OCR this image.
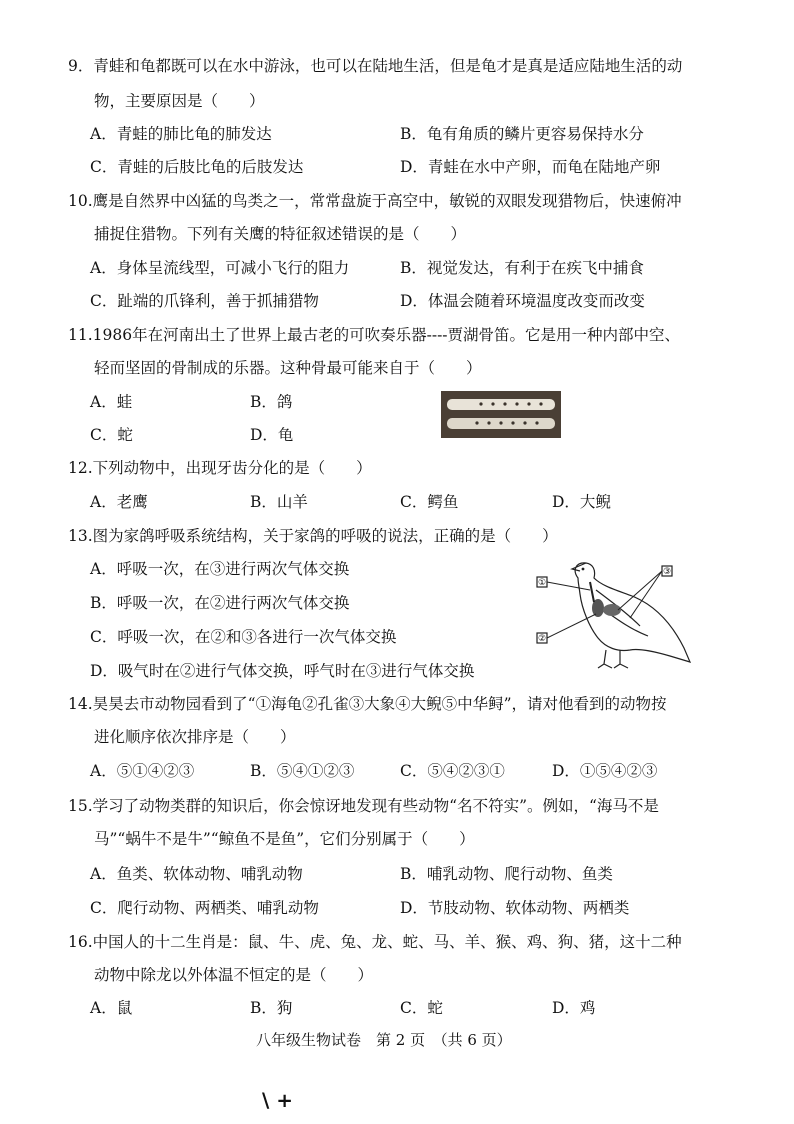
9．青蛙和龟都既可以在水中游泳，也可以在陆地生活，但是龟才是真是适应陆地生活的动
物，主要原因是（　　）
A．青蛙的肺比龟的肺发达	B．龟有角质的鳞片更容易保持水分
C．青蛙的后肢比龟的后肢发达	D．青蛙在水中产卵，而龟在陆地产卵
10.鹰是自然界中凶猛的鸟类之一，常常盘旋于高空中，敏锐的双眼发现猎物后，快速俯冲
捕捉住猎物。下列有关鹰的特征叙述错误的是（　　）
A．身体呈流线型，可减小飞行的阻力	B．视觉发达，有利于在疾飞中捕食
C．趾端的爪锋利，善于抓捕猎物	D．体温会随着环境温度改变而改变
11.1986年在河南出土了世界上最古老的可吹奏乐器----贾湖骨笛。它是用一种内部中空、
轻而坚固的骨制成的乐器。这种骨最可能来自于（　　）
A．蛙	B．鸽
C．蛇	D．龟
12.下列动物中，出现牙齿分化的是（　　）
A．老鹰	B．山羊	C．鳄鱼	D．大鲵
13.图为家鸽呼吸系统结构，关于家鸽的呼吸的说法，正确的是（　　）
A．呼吸一次，在③进行两次气体交换
B．呼吸一次，在②进行两次气体交换
C．呼吸一次，在②和③各进行一次气体交换
D．吸气时在②进行气体交换，呼气时在③进行气体交换
①
②
③
14.昊昊去市动物园看到了“①海龟②孔雀③大象④大鲵⑤中华鲟”，请对他看到的动物按
进化顺序依次排序是（　　）
A．⑤①④②③	B．⑤④①②③	C．⑤④②③①	D．①⑤④②③
15.学习了动物类群的知识后，你会惊讶地发现有些动物“名不符实”。例如，“海马不是
马”“蜗牛不是牛”“鲸鱼不是鱼”，它们分别属于（　　）
A．鱼类、软体动物、哺乳动物	B．哺乳动物、爬行动物、鱼类
C．爬行动物、两栖类、哺乳动物	D．节肢动物、软体动物、两栖类
16.中国人的十二生肖是：鼠、牛、虎、兔、龙、蛇、马、羊、猴、鸡、狗、猪，这十二种
动物中除龙以外体温不恒定的是（　　）
A．鼠	B．狗	C．蛇	D．鸡
八年级生物试卷　第 2 页　（共 6 页）
\ +
